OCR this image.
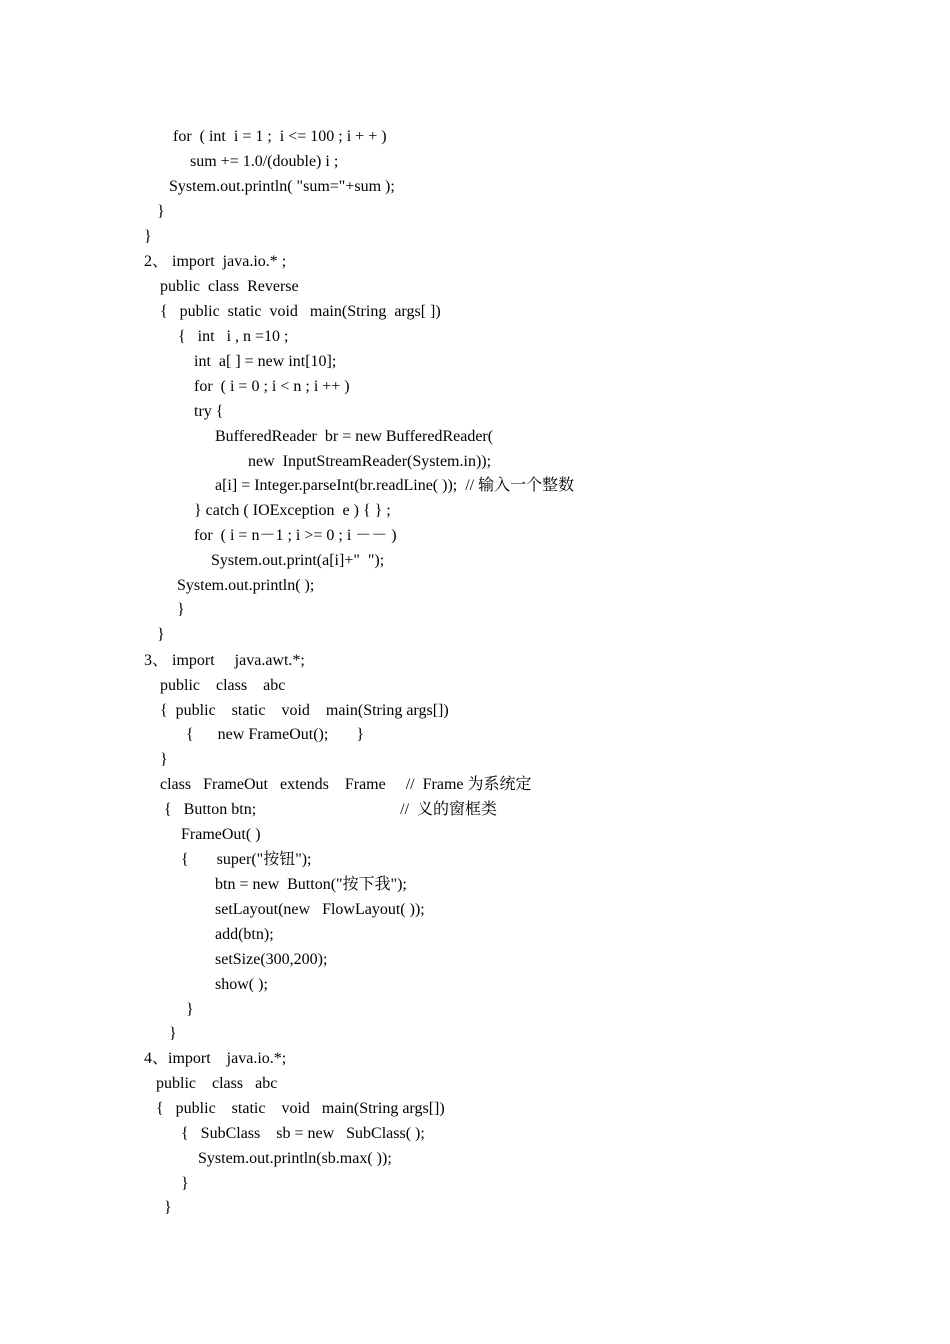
for  ( int  i = 1 ;  i <= 100 ; i + + )

sum += 1.0/(double) i ;

System.out.println( "sum="+sum );

}

}

2、 import  java.io.* ;

public  class  Reverse

{   public  static  void   main(String  args[ ])

{   int   i , n =10 ;

int  a[ ] = new int[10];

for  ( i = 0 ; i < n ; i ++ )

try {

BufferedReader  br = new BufferedReader(

new  InputStreamReader(System.in));

a[i] = Integer.parseInt(br.readLine( ));  // 输入一个整数

} catch ( IOException  e ) { } ;

for  ( i = n－1 ; i >= 0 ; i －－ )

System.out.print(a[i]+"  ");

System.out.println( );

}

}

3、 import     java.awt.*;

public    class    abc

{  public    static    void    main(String args[])

{      new FrameOut();       }

}

class   FrameOut   extends    Frame     //  Frame 为系统定

{   Button btn;                                    //  义的窗框类

FrameOut( )

{       super("按钮");

btn = new  Button("按下我");

setLayout(new   FlowLayout( ));

add(btn);

setSize(300,200);

show( );

}

}

4、import    java.io.*;

public    class   abc

{   public    static    void   main(String args[])

{   SubClass    sb = new   SubClass( );

System.out.println(sb.max( ));

}

}
